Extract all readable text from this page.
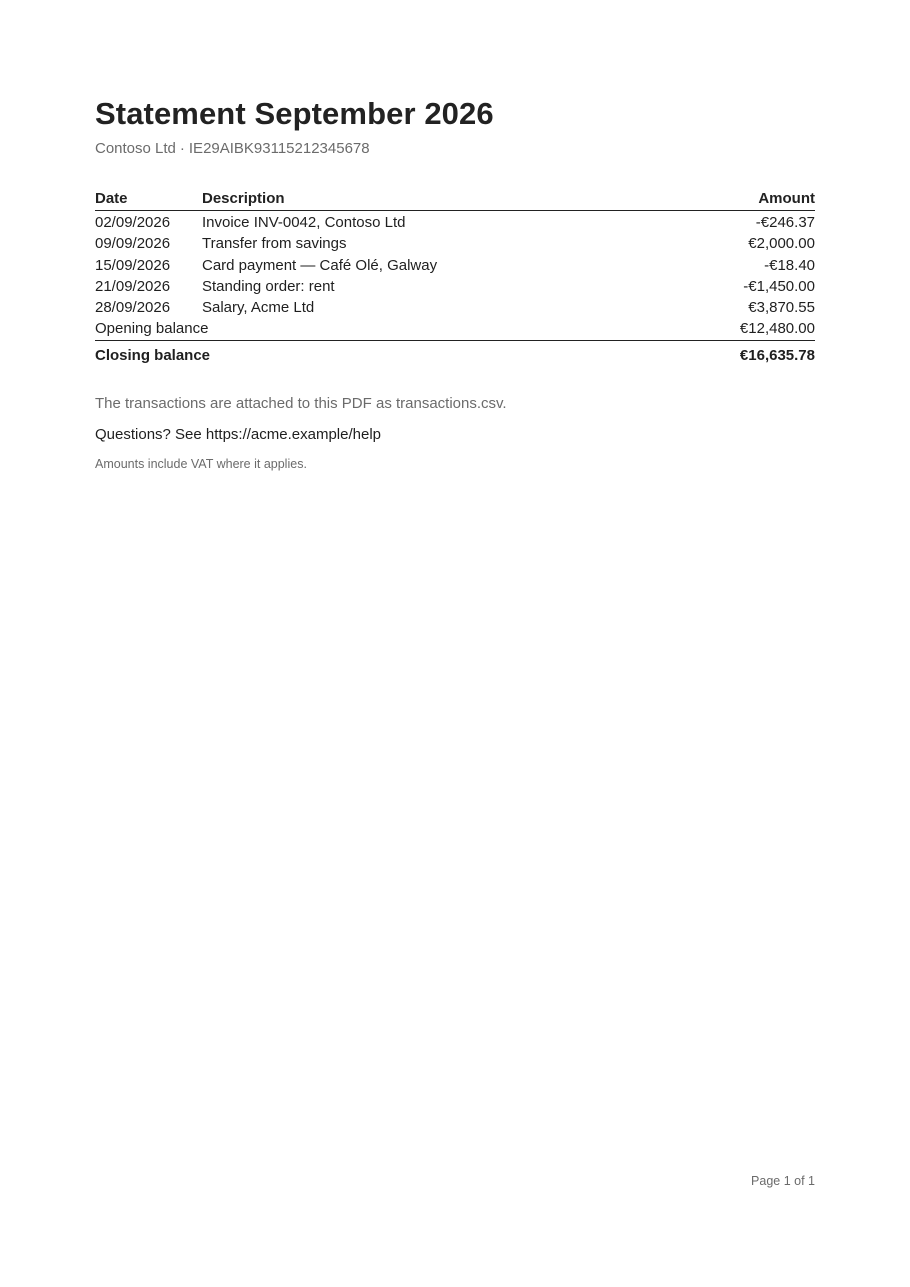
Statement September 2026
Contoso Ltd · IE29AIBK93115212345678
Date	Description	Amount
02/09/2026	Invoice INV-0042, Contoso Ltd	-€246.37
09/09/2026	Transfer from savings	€2,000.00
15/09/2026	Card payment — Café Olé, Galway	-€18.40
21/09/2026	Standing order: rent	-€1,450.00
28/09/2026	Salary, Acme Ltd	€3,870.55
Opening balance		€12,480.00
Closing balance		€16,635.78
The transactions are attached to this PDF as transactions.csv.
Questions? See https://acme.example/help
Amounts include VAT where it applies.
Page 1 of 1
